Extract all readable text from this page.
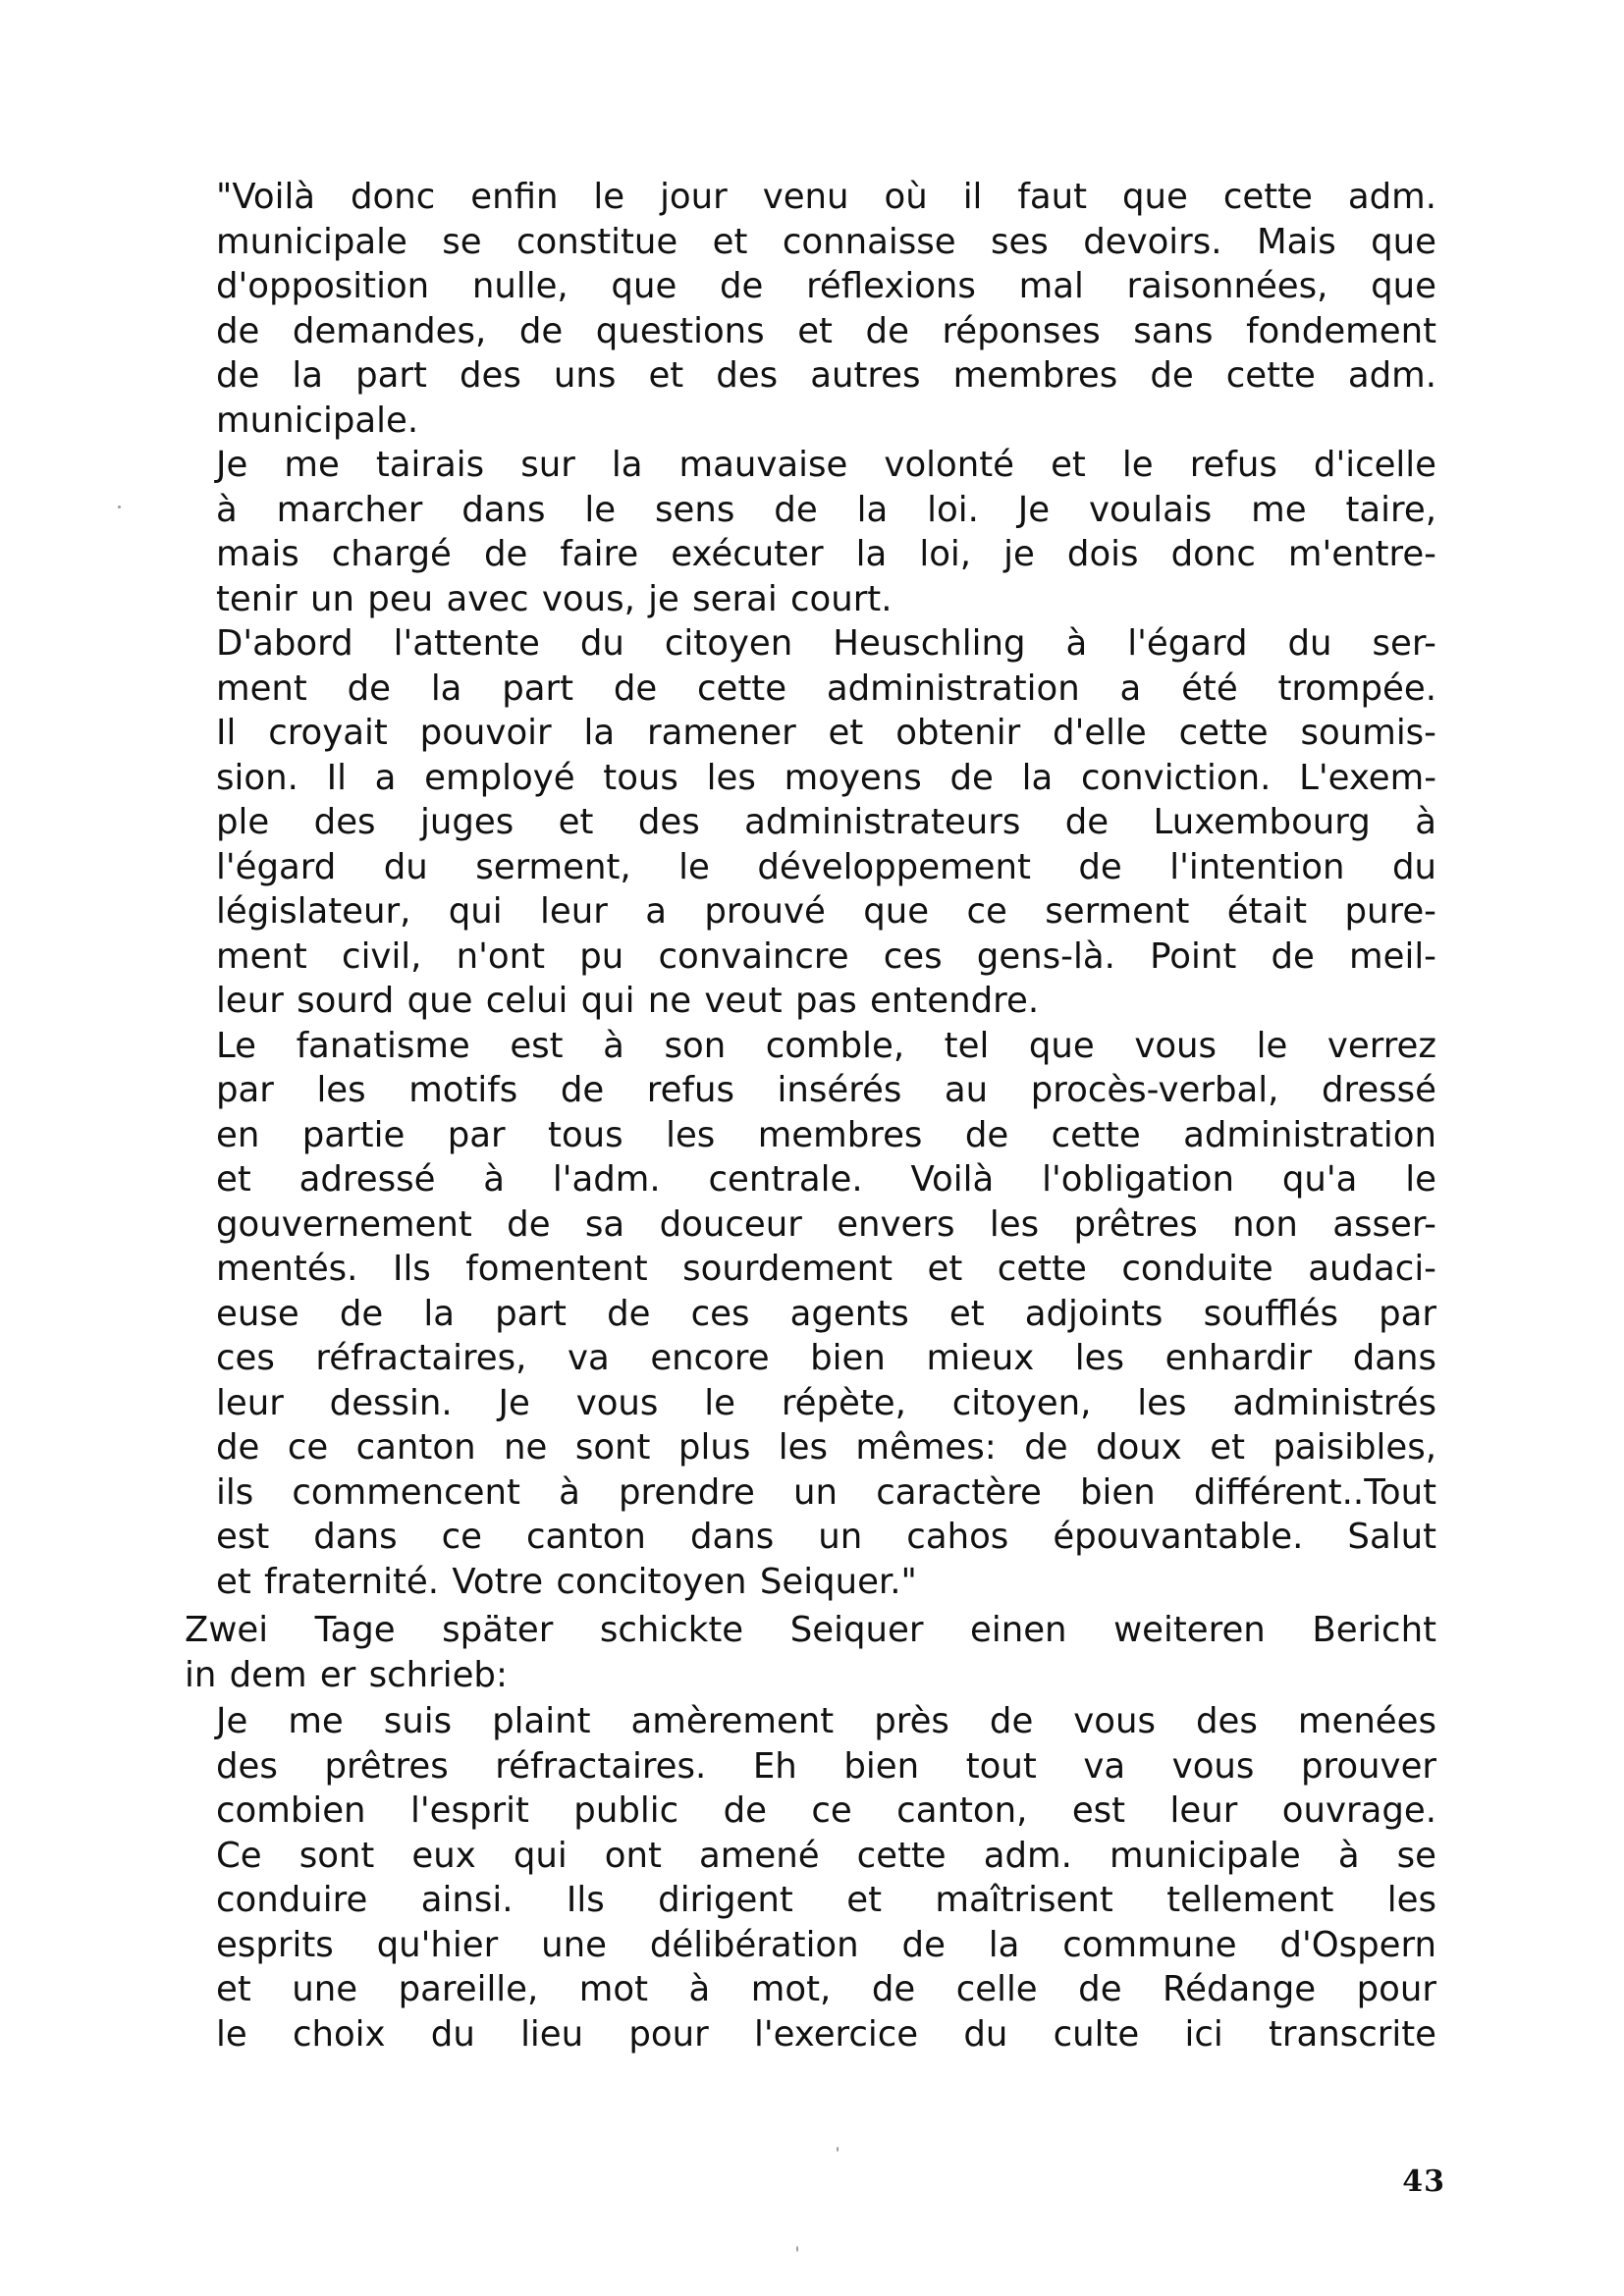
"Voilà donc enfin le jour venu où il faut que cette adm.
municipale se constitue et connaisse ses devoirs. Mais que
d'opposition nulle, que de réflexions mal raisonnées, que
de demandes, de questions et de réponses sans fondement
de la part des uns et des autres membres de cette adm.
municipale.

Je me tairais sur la mauvaise volonté et le refus d'icelle
à marcher dans le sens de la loi. Je voulais me taire,
mais chargé de faire exécuter la loi, je dois donc m'entre-
tenir un peu avec vous, je serai court.

D'abord l'attente du citoyen Heuschling à l'égard du ser-
ment de la part de cette administration a été trompée.
Il croyait pouvoir la ramener et obtenir d'elle cette soumis-
sion. Il a employé tous les moyens de la conviction. L'exem-
ple des juges et des administrateurs de Luxembourg à
l'égard du serment, le développement de l'intention du
législateur, qui leur a prouvé que ce serment était pure-
ment civil, n'ont pu convaincre ces gens-là. Point de meil-
leur sourd que celui qui ne veut pas entendre.

Le fanatisme est à son comble, tel que vous le verrez
par les motifs de refus insérés au procès-verbal, dressé
en partie par tous les membres de cette administration
et adressé à l'adm. centrale. Voilà l'obligation qu'a le
gouvernement de sa douceur envers les prêtres non asser-
mentés. Ils fomentent sourdement et cette conduite audaci-
euse de la part de ces agents et adjoints soufflés par
ces réfractaires, va encore bien mieux les enhardir dans
leur dessin. Je vous le répète, citoyen, les administrés
de ce canton ne sont plus les mêmes: de doux et paisibles,
ils commencent à prendre un caractère bien différent..Tout
est dans ce canton dans un cahos épouvantable. Salut
et fraternité. Votre concitoyen Seiquer."

Zwei Tage später schickte Seiquer einen weiteren Bericht
in dem er schrieb:

Je me suis plaint amèrement près de vous des menées
des prêtres réfractaires. Eh bien tout va vous prouver
combien l'esprit public de ce canton, est leur ouvrage.
Ce sont eux qui ont amené cette adm. municipale à se
conduire ainsi. Ils dirigent et maîtrisent tellement les
esprits qu'hier une délibération de la commune d'Ospern
et une pareille, mot à mot, de celle de Rédange pour
le choix du lieu pour l'exercice du culte ici transcrite

43
